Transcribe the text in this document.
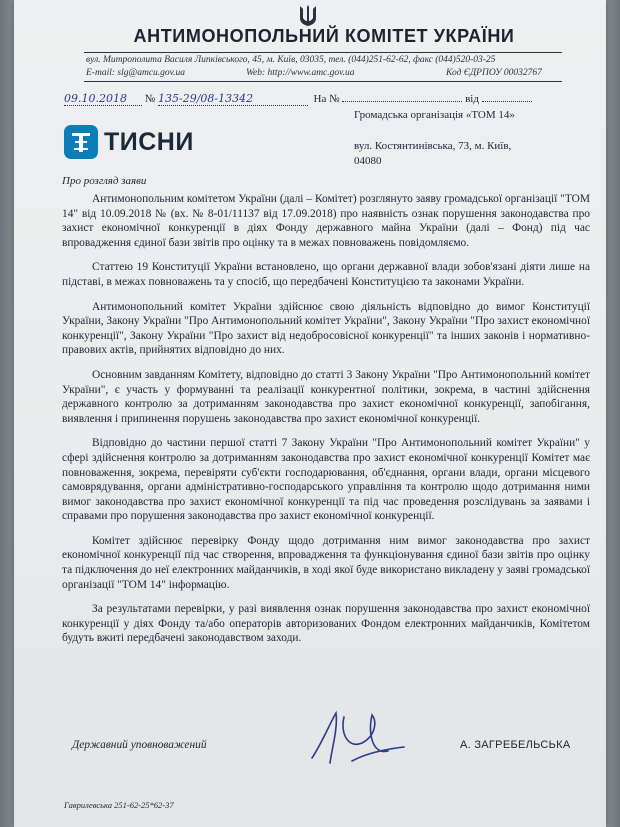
АНТИМОНОПОЛЬНИЙ КОМІТЕТ УКРАЇНИ
вул. Митрополита Василя Липківського, 45, м. Київ, 03035, тел. (044)251-62-62, факс (044)520-03-25
E-mail: slg@amcu.gov.ua	Web: http://www.amc.gov.ua	Код ЄДРПОУ 00032767
09.10.2018 № 135-29/08-13342	На №	від
ТИСНИ
Громадська організація «ТОМ 14»
вул. Костянтинівська, 73, м. Київ,
04080
Про розгляд заяви

Антимонопольним комітетом України (далі – Комітет) розглянуто заяву громадської організації "ТОМ 14" від 10.09.2018 № (вх. № 8-01/11137 від 17.09.2018) про наявність ознак порушення законодавства про захист економічної конкуренції в діях Фонду державного майна України (далі – Фонд) під час впровадження єдиної бази звітів про оцінку та в межах повноважень повідомляємо.

Статтею 19 Конституції України встановлено, що органи державної влади зобов'язані діяти лише на підставі, в межах повноважень та у спосіб, що передбачені Конституцією та законами України.

Антимонопольний комітет України здійснює свою діяльність відповідно до вимог Конституції України, Закону України "Про Антимонопольний комітет України", Закону України "Про захист економічної конкуренції", Закону України "Про захист від недобросовісної конкуренції" та інших законів і нормативно-правових актів, прийнятих відповідно до них.

Основним завданням Комітету, відповідно до статті 3 Закону України "Про Антимонопольний комітет України", є участь у формуванні та реалізації конкурентної політики, зокрема, в частині здійснення державного контролю за дотриманням законодавства про захист економічної конкуренції, запобігання, виявлення і припинення порушень законодавства про захист економічної конкуренції.

Відповідно до частини першої статті 7 Закону України "Про Антимонопольний комітет України" у сфері здійснення контролю за дотриманням законодавства про захист економічної конкуренції Комітет має повноваження, зокрема, перевіряти суб'єкти господарювання, об'єднання, органи влади, органи місцевого самоврядування, органи адміністративно-господарського управління та контролю щодо дотримання ними вимог законодавства про захист економічної конкуренції та під час проведення розслідувань за заявами і справами про порушення законодавства про захист економічної конкуренції.

Комітет здійснює перевірку Фонду щодо дотримання ним вимог законодавства про захист економічної конкуренції під час створення, впровадження та функціонування єдиної бази звітів про оцінку та підключення до неї електронних майданчиків, в ході якої буде використано викладену у заяві громадської організації "ТОМ 14" інформацію.

За результатами перевірки, у разі виявлення ознак порушення законодавства про захист економічної конкуренції у діях Фонду та/або операторів авторизованих Фондом електронних майданчиків, Комітетом будуть вжиті передбачені законодавством заходи.

Державний уповноважений	А. ЗАГРЕБЕЛЬСЬКА
Гаврилевська 251-62-25*62-37
